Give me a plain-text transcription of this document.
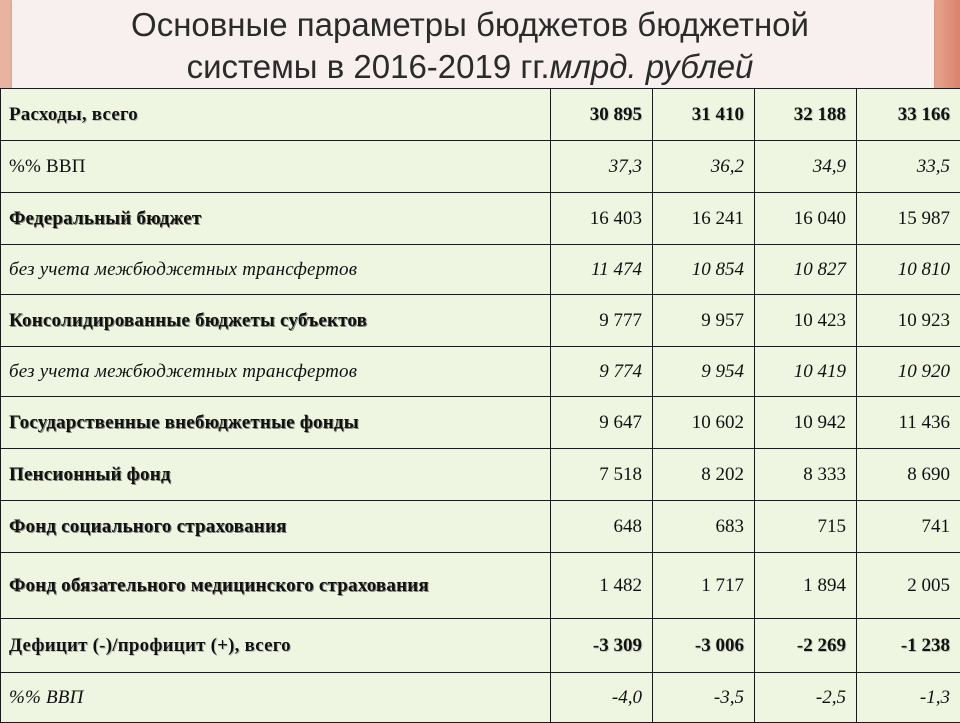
Основные параметры бюджетов бюджетной
системы в 2016-2019 гг.млрд. рублей
Расходы, всего	30 895	31 410	32 188	33 166
%% ВВП	37,3	36,2	34,9	33,5
Федеральный бюджет	16 403	16 241	16 040	15 987
без учета межбюджетных трансфертов	11 474	10 854	10 827	10 810
Консолидированные бюджеты субъектов	9 777	9 957	10 423	10 923
без учета межбюджетных трансфертов	9 774	9 954	10 419	10 920
Государственные внебюджетные фонды	9 647	10 602	10 942	11 436
Пенсионный фонд	7 518	8 202	8 333	8 690
Фонд социального страхования	648	683	715	741
Фонд обязательного медицинского страхования	1 482	1 717	1 894	2 005
Дефицит (-)/профицит (+), всего	-3 309	-3 006	-2 269	-1 238
%% ВВП	-4,0	-3,5	-2,5	-1,3
